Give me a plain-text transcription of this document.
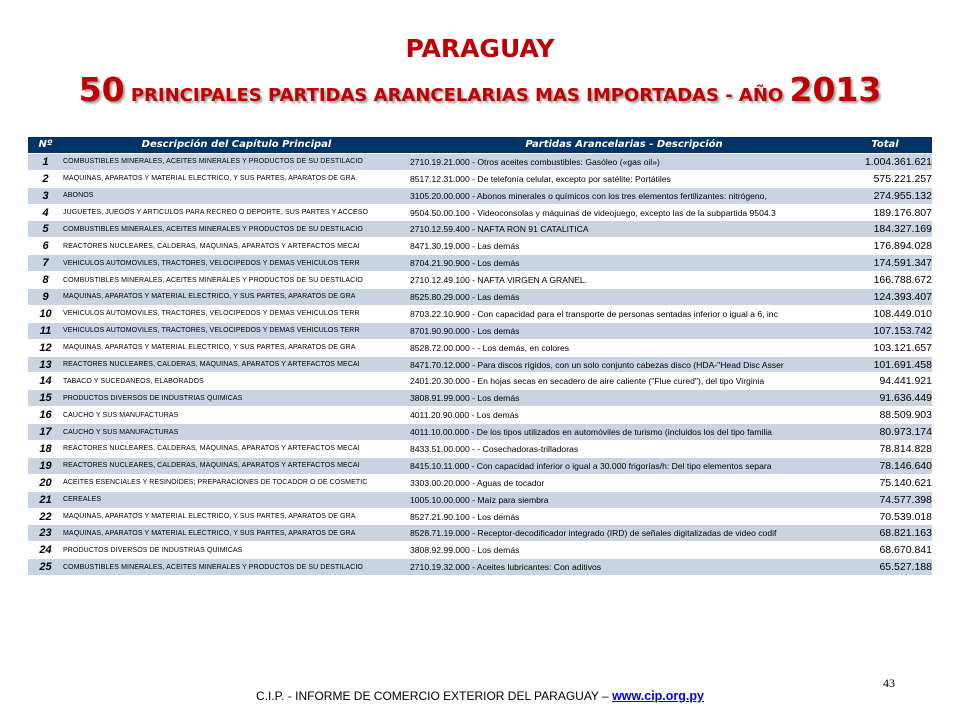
PARAGUAY
50 PRINCIPALES PARTIDAS ARANCELARIAS MAS IMPORTADAS - AÑO 2013
Nº	Descripción del Capítulo Principal	Partidas Arancelarias - Descripción	Total
1	COMBUSTIBLES MINERALES, ACEITES MINERALES Y PRODUCTOS DE SU DESTILACIO	2710.19.21.000 - Otros aceites combustibles: Gasóleo («gas oil»)	1.004.361.621
2	MAQUINAS, APARATOS Y MATERIAL ELECTRICO, Y SUS PARTES, APARATOS DE GRA	8517.12.31.000 - De telefonía celular, excepto por satélite: Portátiles	575.221.257
3	ABONOS	3105.20.00.000 - Abonos minerales o químicos con los tres elementos fertilizantes: nitrógeno,	274.955.132
4	JUGUETES, JUEGOS Y ARTICULOS PARA RECREO O DEPORTE, SUS PARTES Y ACCESO	9504.50.00.100 - Videoconsolas y máquinas de videojuego, excepto las de la subpartida 9504.3	189.176.807
5	COMBUSTIBLES MINERALES, ACEITES MINERALES Y PRODUCTOS DE SU DESTILACIO	2710.12.59.400 - NAFTA RON 91 CATALITICA	184.327.169
6	REACTORES NUCLEARES, CALDERAS, MAQUINAS, APARATOS Y ARTEFACTOS MECAI	8471.30.19.000 - Las demás	176.894.028
7	VEHICULOS AUTOMOVILES, TRACTORES, VELOCIPEDOS Y DEMAS VEHICULOS TERR	8704.21.90.900 - Los demás	174.591.347
8	COMBUSTIBLES MINERALES, ACEITES MINERALES Y PRODUCTOS DE SU DESTILACIO	2710.12.49.100 - NAFTA VIRGEN A GRANEL.	166.788.672
9	MAQUINAS, APARATOS Y MATERIAL ELECTRICO, Y SUS PARTES, APARATOS DE GRA	8525.80.29.000 - Las demás	124.393.407
10	VEHICULOS AUTOMOVILES, TRACTORES, VELOCIPEDOS Y DEMAS VEHICULOS TERR	8703.22.10.900 - Con capacidad para el transporte de personas sentadas inferior o igual a 6, inc	108.449.010
11	VEHICULOS AUTOMOVILES, TRACTORES, VELOCIPEDOS Y DEMAS VEHICULOS TERR	8701.90.90.000 - Los demás	107.153.742
12	MAQUINAS, APARATOS Y MATERIAL ELECTRICO, Y SUS PARTES, APARATOS DE GRA	8528.72.00.000 - - Los demás, en colores	103.121.657
13	REACTORES NUCLEARES, CALDERAS, MAQUINAS, APARATOS Y ARTEFACTOS MECAI	8471.70.12.000 - Para discos rígidos, con un solo conjunto cabezas disco (HDA-"Head Disc Asser	101.691.458
14	TABACO Y SUCEDANEOS, ELABORADOS	2401.20.30.000 - En hojas secas en secadero de aire caliente ("Flue cured"), del tipo Virginia	94.441.921
15	PRODUCTOS DIVERSOS DE INDUSTRIAS QUIMICAS	3808.91.99.000 - Los demás	91.636.449
16	CAUCHO Y SUS MANUFACTURAS	4011.20.90.000 - Los demás	88.509.903
17	CAUCHO Y SUS MANUFACTURAS	4011.10.00.000 - De los tipos utilizados en automóviles de turismo (incluidos los del tipo familia	80.973.174
18	REACTORES NUCLEARES, CALDERAS, MAQUINAS, APARATOS Y ARTEFACTOS MECAI	8433.51.00.000 - - Cosechadoras-trilladoras	78.814.828
19	REACTORES NUCLEARES, CALDERAS, MAQUINAS, APARATOS Y ARTEFACTOS MECAI	8415.10.11.000 - Con capacidad inferior o igual a 30.000 frigorías/h: Del tipo elementos separa	78.146.640
20	ACEITES ESENCIALES Y RESINOIDES; PREPARACIONES DE TOCADOR O DE COSMETIC	3303.00.20.000 - Aguas de tocador	75.140.621
21	CEREALES	1005.10.00.000 - Maíz para siembra	74.577.398
22	MAQUINAS, APARATOS Y MATERIAL ELECTRICO, Y SUS PARTES, APARATOS DE GRA	8527.21.90.100 - Los demás	70.539.018
23	MAQUINAS, APARATOS Y MATERIAL ELECTRICO, Y SUS PARTES, APARATOS DE GRA	8528.71.19.000 - Receptor-decodificador integrado (IRD) de señales digitalizadas de video codif	68.821.163
24	PRODUCTOS DIVERSOS DE INDUSTRIAS QUIMICAS	3808.92.99.000 - Los demás	68.670.841
25	COMBUSTIBLES MINERALES, ACEITES MINERALES Y PRODUCTOS DE SU DESTILACIO	2710.19.32.000 - Aceites lubricantes: Con aditivos	65.527.188
C.I.P. - INFORME DE COMERCIO EXTERIOR DEL PARAGUAY – www.cip.org.py
43
